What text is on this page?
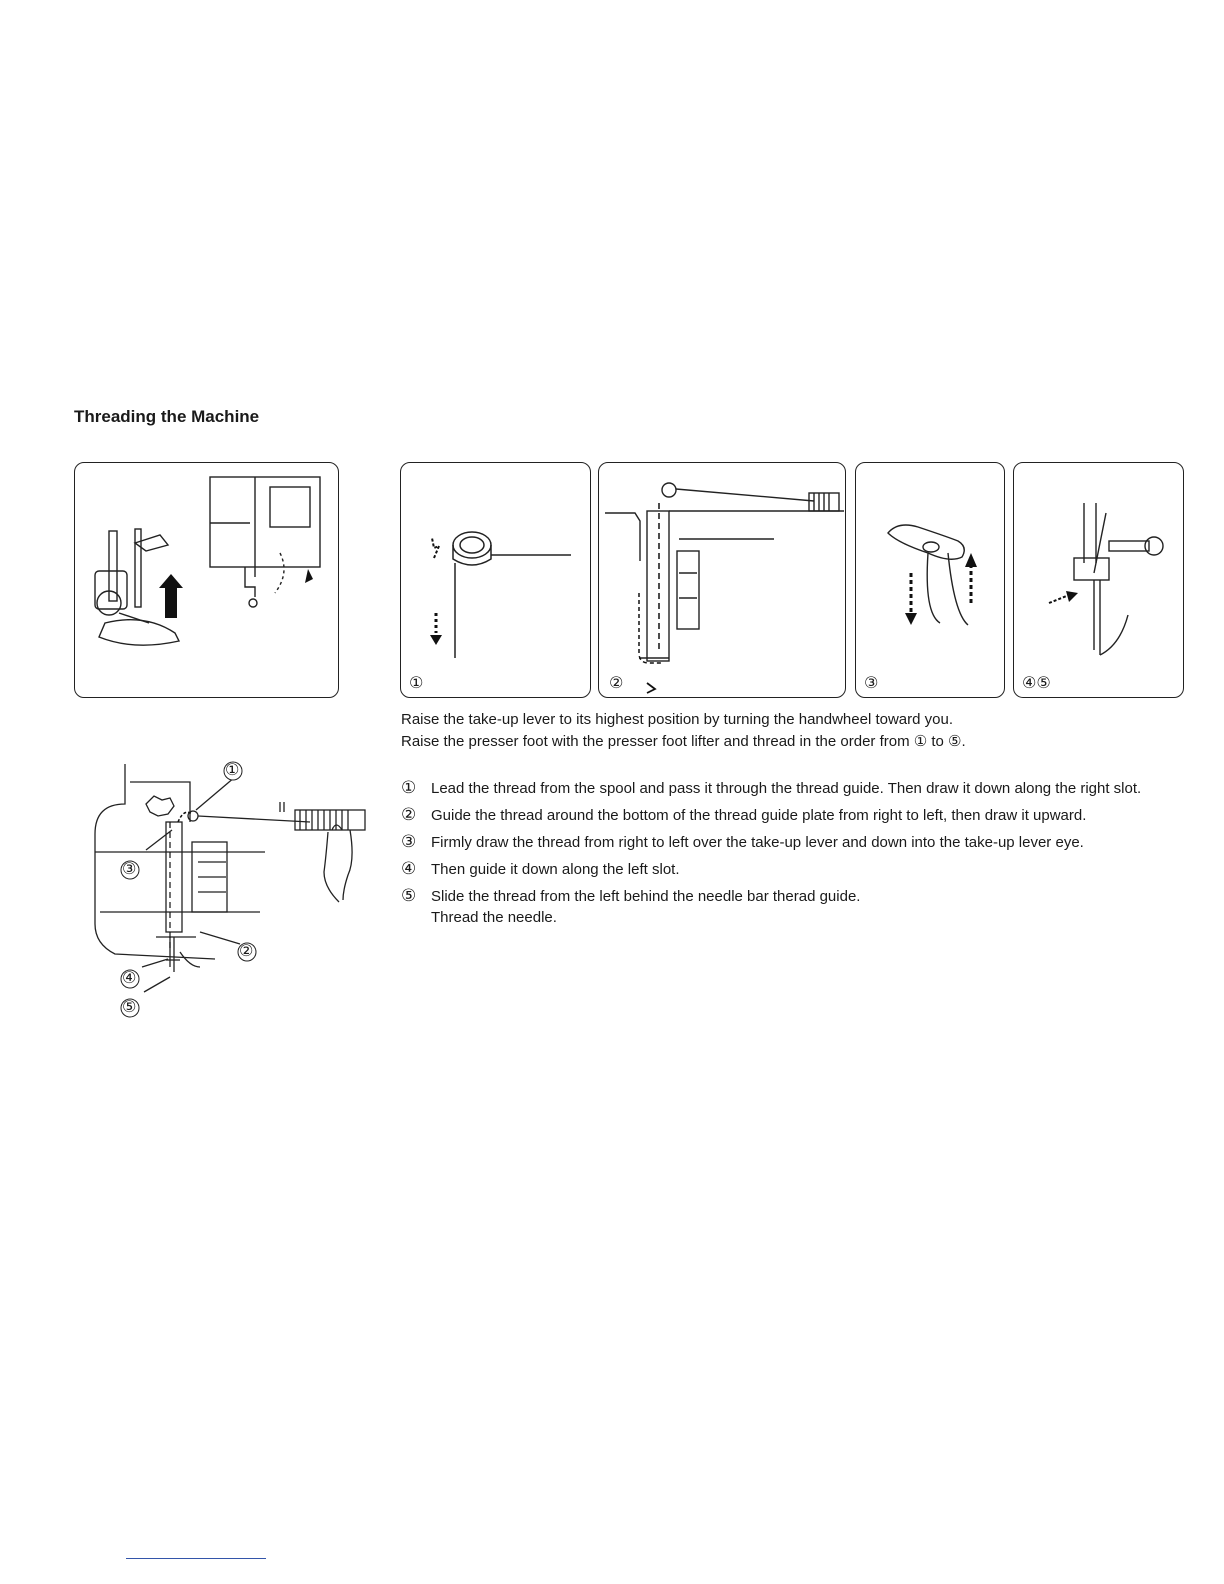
Threading the Machine
①	②	③	④⑤
Raise the take-up lever to its highest position by turning the handwheel toward you.
Raise the presser foot with the presser foot lifter and thread in the order from ① to ⑤.
① Lead the thread from the spool and pass it through the thread guide. Then draw it down along the right slot.
② Guide the thread around the bottom of the thread guide plate from right to left, then draw it upward.
③ Firmly draw the thread from right to left over the take-up lever and down into the take-up lever eye.
④ Then guide it down along the left slot.
⑤ Slide the thread from the left behind the needle bar therad guide.
Thread the needle.
①
③
②
④
⑤
